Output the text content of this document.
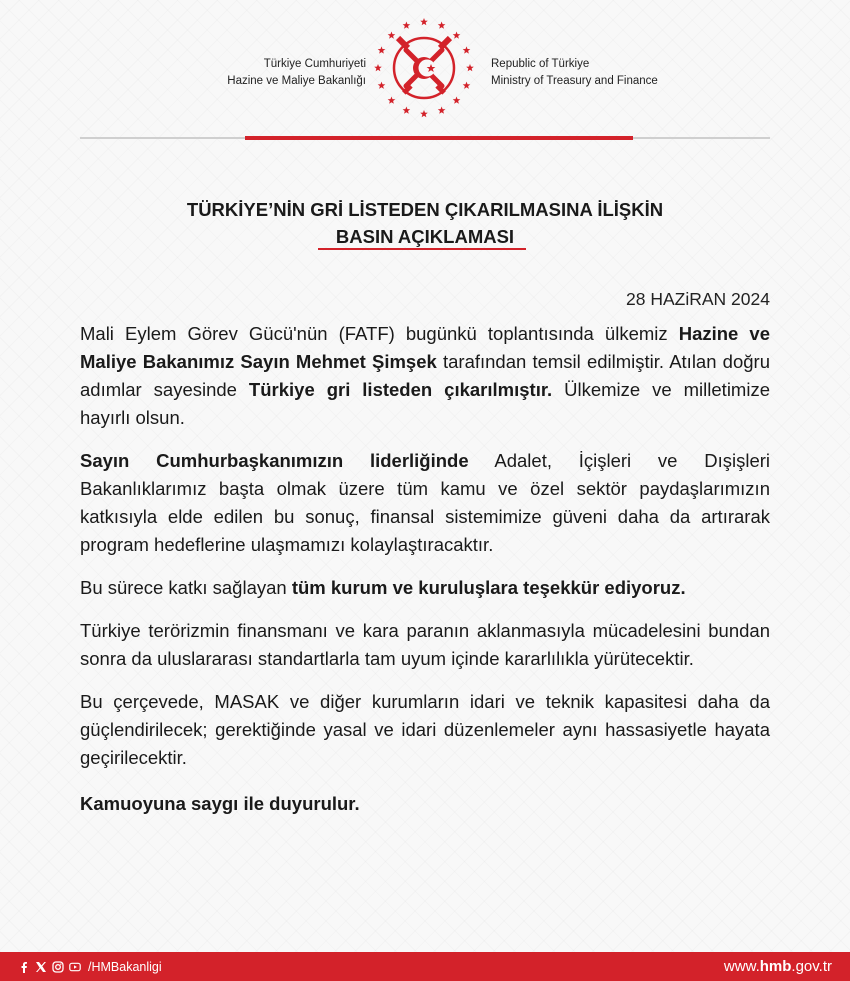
Türkiye Cumhuriyeti
Hazine ve Maliye Bakanlığı
Republic of Türkiye
Ministry of Treasury and Finance
TÜRKİYE’NİN GRİ LİSTEDEN ÇIKARILMASINA İLİŞKİN
BASIN AÇIKLAMASI
28 HAZiRAN 2024

Mali Eylem Görev Gücü'nün (FATF) bugünkü toplantısında ülkemiz Hazine ve Maliye Bakanımız Sayın Mehmet Şimşek tarafından temsil edilmiştir. Atılan doğru adımlar sayesinde Türkiye gri listeden çıkarılmıştır. Ülkemize ve milletimize hayırlı olsun.

Sayın Cumhurbaşkanımızın liderliğinde Adalet, İçişleri ve Dışişleri Bakanlıklarımız başta olmak üzere tüm kamu ve özel sektör paydaşlarımızın katkısıyla elde edilen bu sonuç, finansal sistemimize güveni daha da artırarak program hedeflerine ulaşmamızı kolaylaştıracaktır.

Bu sürece katkı sağlayan tüm kurum ve kuruluşlara teşekkür ediyoruz.

Türkiye terörizmin finansmanı ve kara paranın aklanmasıyla mücadelesini bundan sonra da uluslararası standartlarla tam uyum içinde kararlılıkla yürütecektir.

Bu çerçevede, MASAK ve diğer kurumların idari ve teknik kapasitesi daha da güçlendirilecek; gerektiğinde yasal ve idari düzenlemeler aynı hassasiyetle hayata geçirilecektir.

Kamuoyuna saygı ile duyurulur.

/HMBakanligi	www.hmb.gov.tr
